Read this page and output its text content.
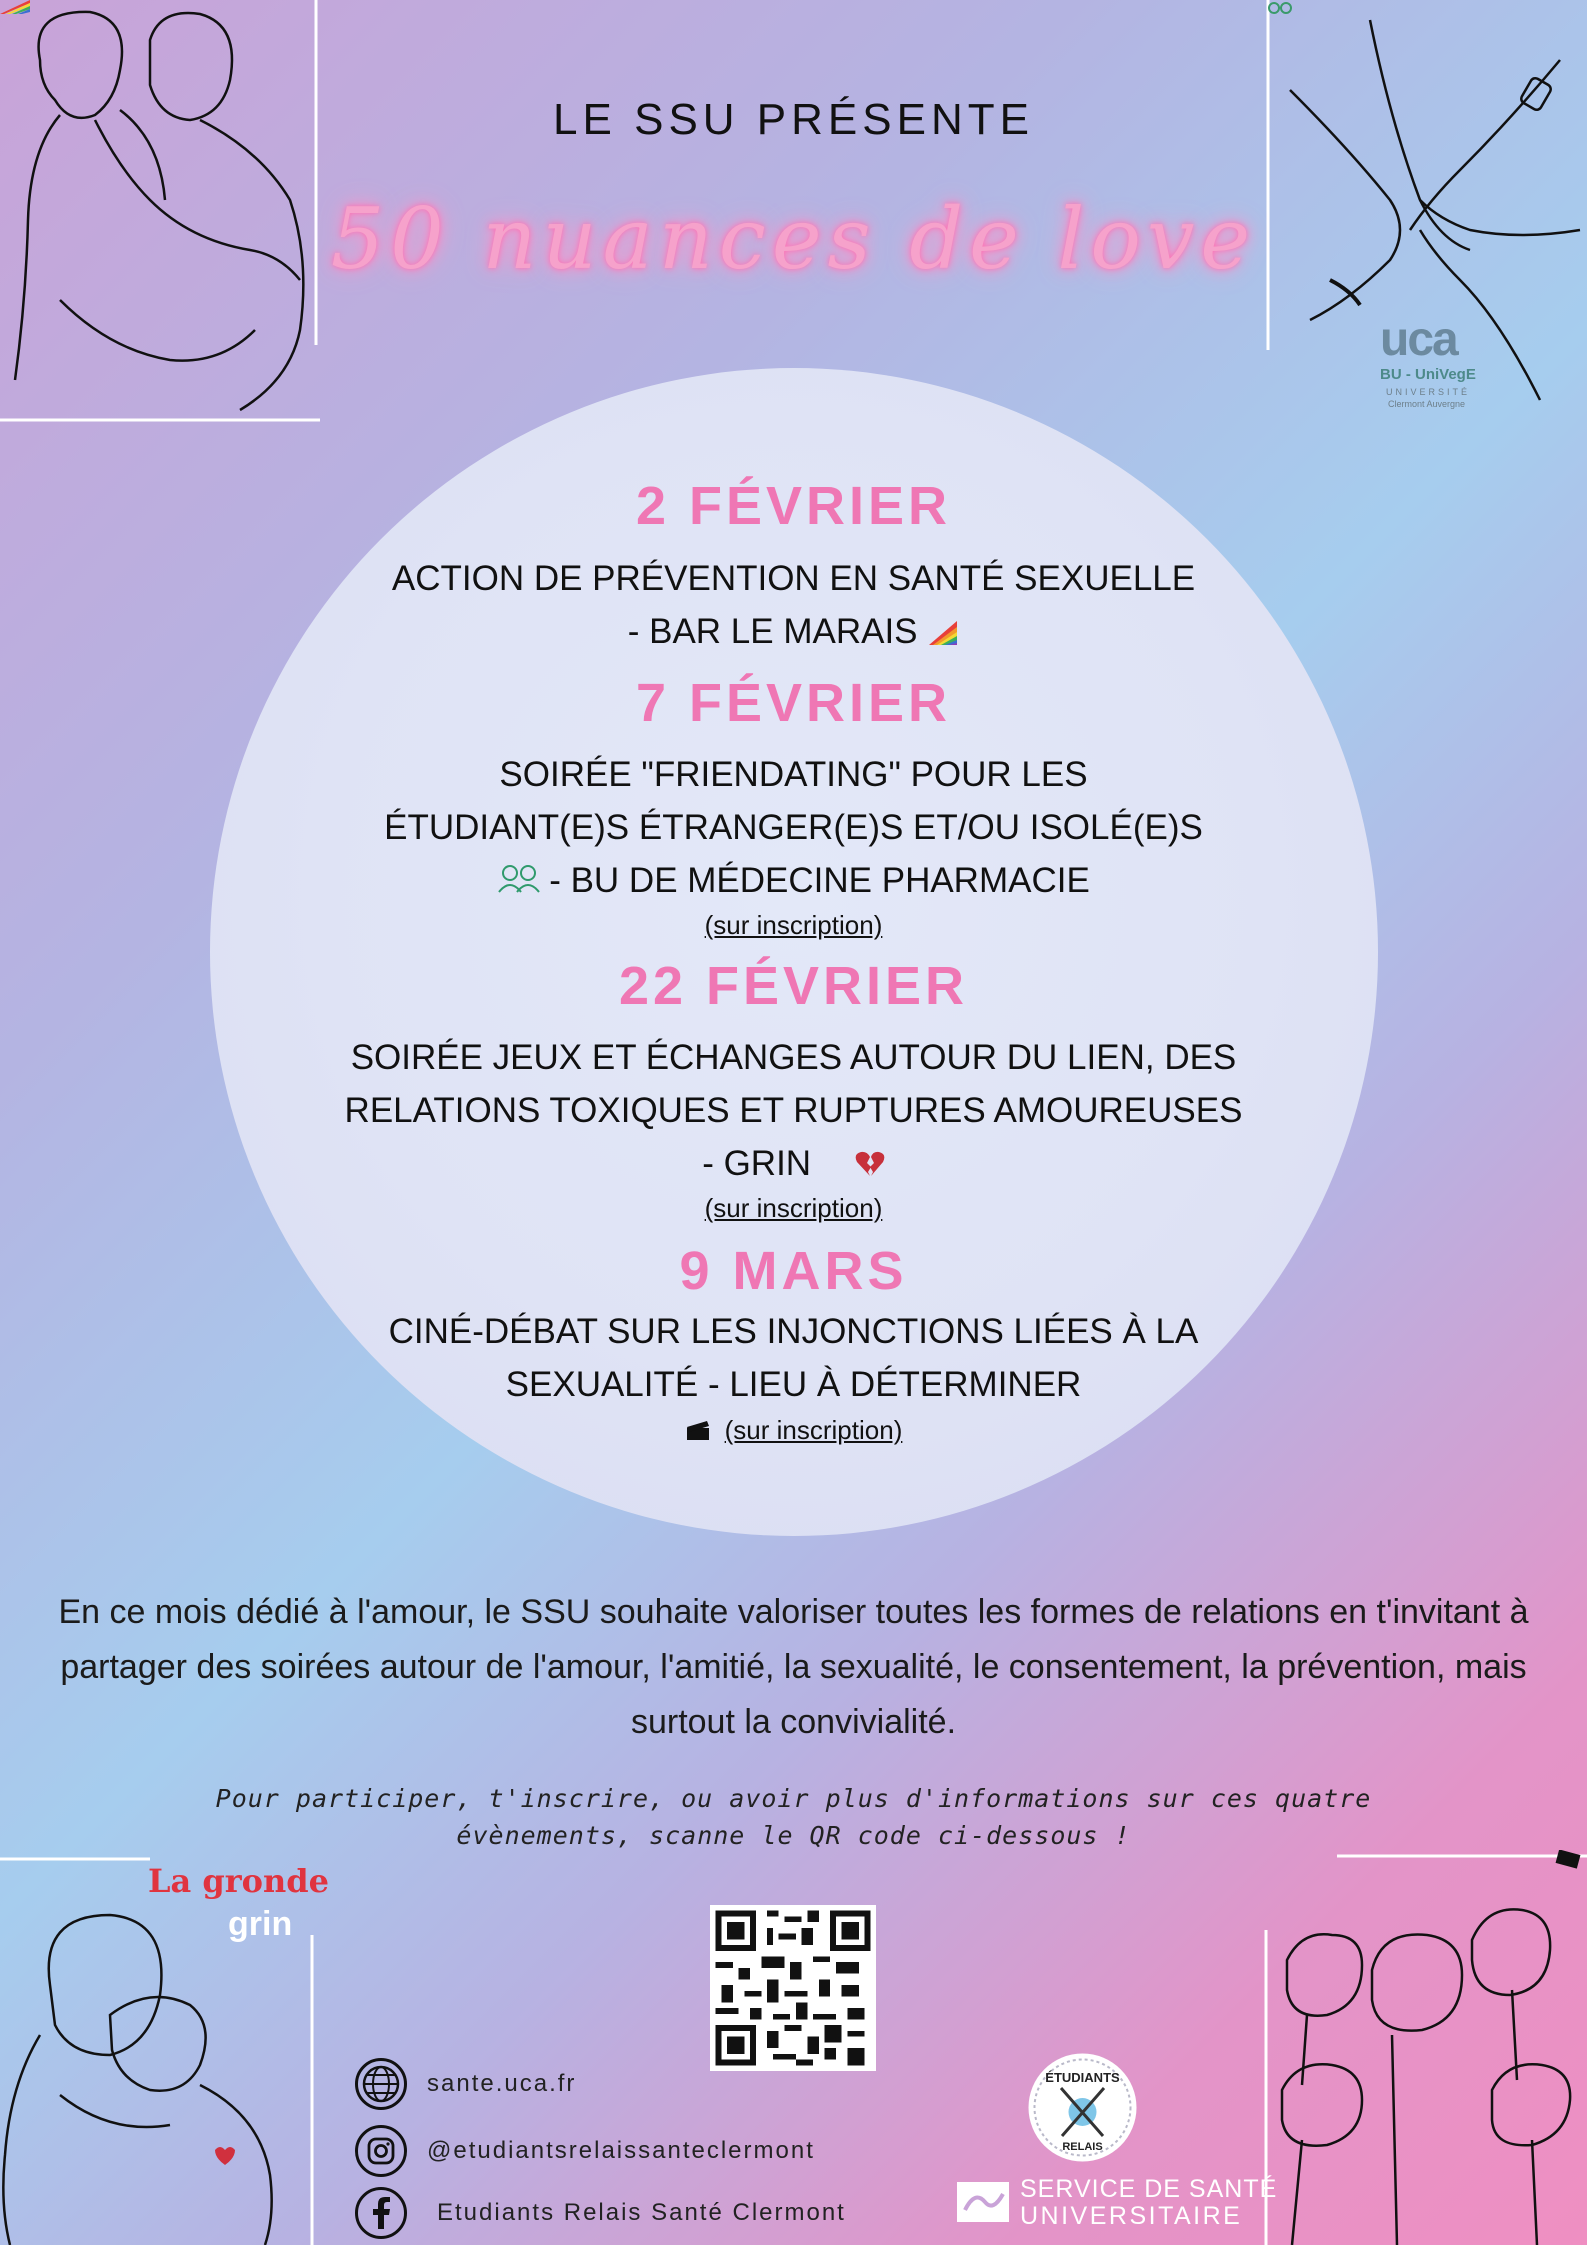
uca
BU - UniVegE
UNIVERSITÉ
Clermont Auvergne
La gronde
grin
LE SSU PRÉSENTE
50 nuances de love
2 FÉVRIER
ACTION DE PRÉVENTION EN SANTÉ SEXUELLE
- BAR LE MARAIS
7 FÉVRIER
SOIRÉE "FRIENDATING" POUR LES
ÉTUDIANT(E)S ÉTRANGER(E)S ET/OU ISOLÉ(E)S
- BU DE MÉDECINE PHARMACIE
(sur inscription)
22 FÉVRIER
SOIRÉE JEUX ET ÉCHANGES AUTOUR DU LIEN, DES
RELATIONS TOXIQUES ET RUPTURES AMOUREUSES
- GRIN
(sur inscription)
9 MARS
CINÉ-DÉBAT SUR LES INJONCTIONS LIÉES À LA
SEXUALITÉ - LIEU À DÉTERMINER
(sur inscription)
En ce mois dédié à l'amour, le SSU souhaite valoriser toutes les formes de relations en t'invitant à partager des soirées autour de l'amour, l'amitié, la sexualité, le consentement, la prévention, mais surtout la convivialité.
Pour participer, t'inscrire, ou avoir plus d'informations sur ces quatre
évènements, scanne le QR code ci-dessous !
sante.uca.fr
@etudiantsrelaissanteclermont
Etudiants Relais Santé Clermont
ÉTUDIANTS
RELAIS
SERVICE DE SANTÉ
UNIVERSITAIRE
